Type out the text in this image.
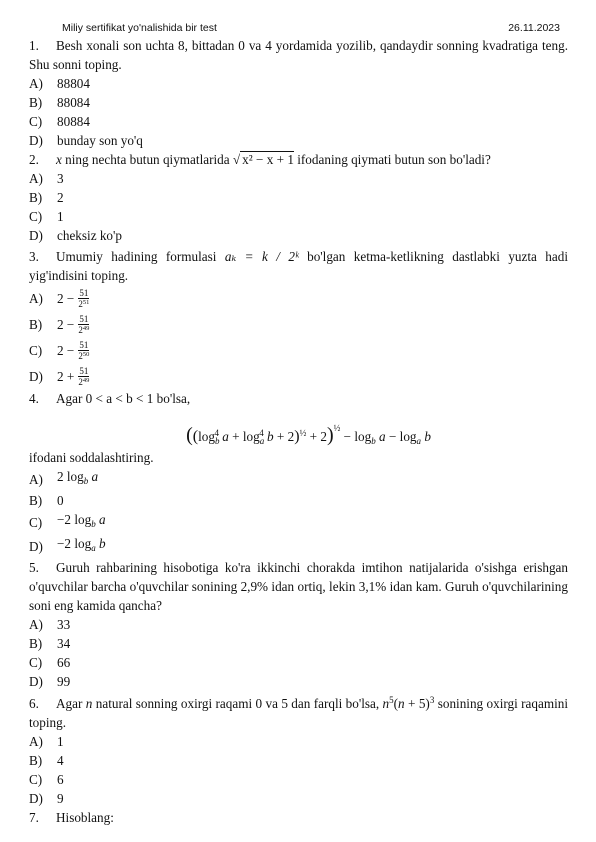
Miliy sertifikat yo'nalishida bir test	26.11.2023
1. Besh xonali son uchta 8, bittadan 0 va 4 yordamida yozilib, qandaydir sonning kvadratiga teng. Shu sonni toping.
A)	88804
B)	88084
C)	80884
D)	bunday son yo'q
2. x ning nechta butun qiymatlarida √ x² − x + 1 ifodaning qiymati butun son bo'ladi?
A)	3
B)	2
C)	1
D)	cheksiz ko'p
3. Umumiy hadining formulasi aₖ = k / 2ᵏ bo'lgan ketma-ketlikning dastlabki yuzta hadi yig'indisini toping.
A)	$2 - \frac{51}{2^{51}}$
B)	$2 - \frac{51}{2^{49}}$
C)	$2 - \frac{51}{2^{50}}$
D)	$2 + \frac{51}{2^{49}}$
4. Agar 0 < a < b < 1 bo'lsa,
(($\log_b^4$ $a + \log_a^4 b + 2)^{\frac{1}{2}} + 2)^{\frac{1}{2}} - \log_b a - \log_a b$
ifodani soddalashtiring.
A)	2 $\log_b a$
B)	0
C)	−2 $\log_b a$
D)	−2 $\log_a b$
5. Guruh rahbarining hisobotiga ko'ra ikkinchi chorakda imtihon natijalarida o'sishga erishgan o'quvchilar barcha o'quvchilar sonining 2,9% idan ortiq, lekin 3,1% idan kam. Guruh o'quvchilarining soni eng kamida qancha?
A)	33
B)	34
C)	66
D)	99
6. Agar n natural sonning oxirgi raqami 0 va 5 dan farqli bo'lsa, $n^5(n + 5)^3$ sonining oxirgi raqamini toping.
A)	1
B)	4
C)	6
D)	9
7. Hisoblang:
